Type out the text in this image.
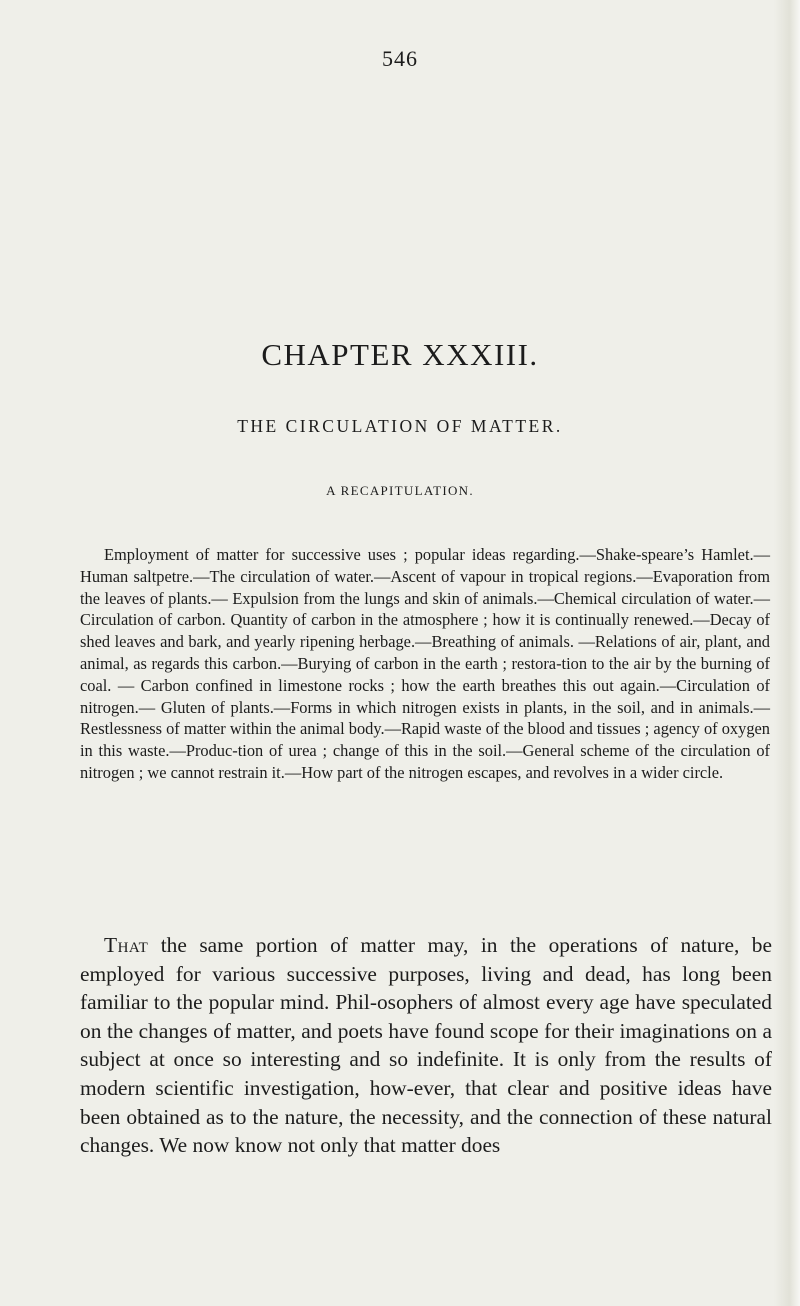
546
CHAPTER XXXIII.
THE CIRCULATION OF MATTER.
A RECAPITULATION.

Employment of matter for successive uses ; popular ideas regarding.—Shake-speare’s Hamlet.—Human saltpetre.—The circulation of water.—Ascent of vapour in tropical regions.—Evaporation from the leaves of plants.— Expulsion from the lungs and skin of animals.—Chemical circulation of water.—Circulation of carbon. Quantity of carbon in the atmosphere ; how it is continually renewed.—Decay of shed leaves and bark, and yearly ripening herbage.—Breathing of animals. —Relations of air, plant, and animal, as regards this carbon.—Burying of carbon in the earth ; restora-tion to the air by the burning of coal. — Carbon confined in limestone rocks ; how the earth breathes this out again.—Circulation of nitrogen.— Gluten of plants.—Forms in which nitrogen exists in plants, in the soil, and in animals.—Restlessness of matter within the animal body.—Rapid waste of the blood and tissues ; agency of oxygen in this waste.—Produc-tion of urea ; change of this in the soil.—General scheme of the circulation of nitrogen ; we cannot restrain it.—How part of the nitrogen escapes, and revolves in a wider circle.

That the same portion of matter may, in the operations of nature, be employed for various successive purposes, living and dead, has long been familiar to the popular mind. Phil-osophers of almost every age have speculated on the changes of matter, and poets have found scope for their imaginations on a subject at once so interesting and so indefinite. It is only from the results of modern scientific investigation, how-ever, that clear and positive ideas have been obtained as to the nature, the necessity, and the connection of these natural changes. We now know not only that matter does
